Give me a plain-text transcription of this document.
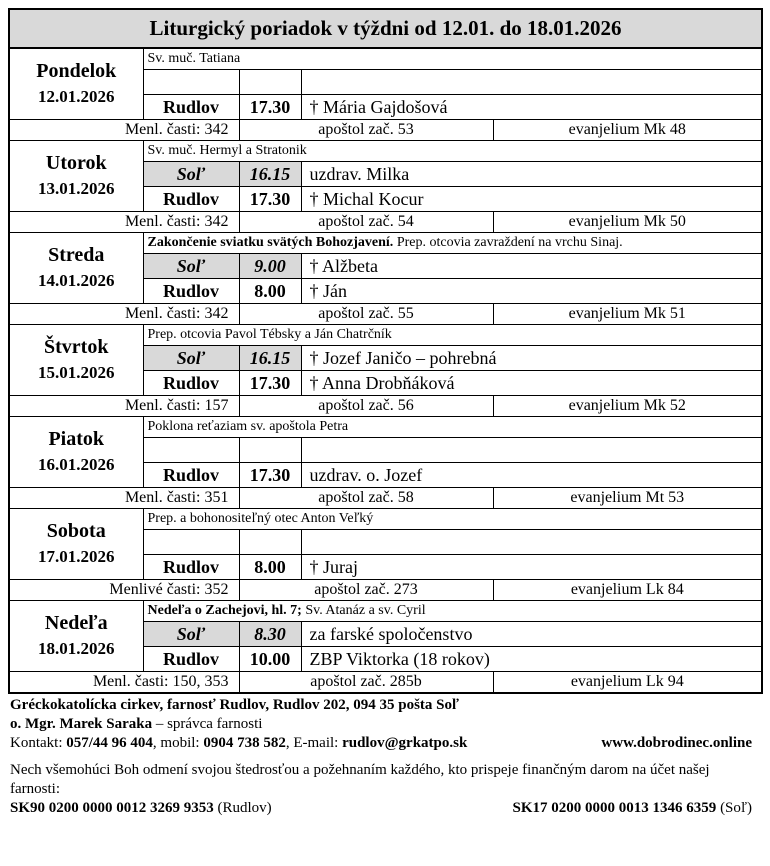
Liturgický poriadok v týždni od 12.01. do 18.01.2026				
Pondelok
12.01.2026	Sv. muč. Tatiana			

	Rudlov	17.30	† Mária Gajdošová	
Menl. časti: 342		apoštol zač. 53		evanjelium Mk 48
Utorok
13.01.2026	Sv. muč. Hermyl a Stratonik			
	Soľ	16.15	uzdrav. Milka	
	Rudlov	17.30	† Michal Kocur	
Menl. časti: 342		apoštol zač. 54		evanjelium Mk 50
Streda
14.01.2026	Zakončenie sviatku svätých Bohozjavení. Prep. otcovia zavraždení na vrchu Sinaj.			
	Soľ	9.00	† Alžbeta	
	Rudlov	8.00	† Ján	
Menl. časti: 342		apoštol zač. 55		evanjelium Mk 51
Štvrtok
15.01.2026	Prep. otcovia Pavol Tébsky a Ján Chatrčník			
	Soľ	16.15	† Jozef Janičo – pohrebná	
	Rudlov	17.30	† Anna Drobňáková	
Menl. časti: 157		apoštol zač. 56		evanjelium Mk 52
Piatok
16.01.2026	Poklona reťaziam sv. apoštola Petra			

	Rudlov	17.30	uzdrav. o. Jozef	
Menl. časti: 351		apoštol zač. 58		evanjelium Mt 53
Sobota
17.01.2026	Prep. a bohonositeľný otec Anton Veľký			

	Rudlov	8.00	† Juraj	
Menlivé časti: 352		apoštol zač. 273		evanjelium Lk 84
Nedeľa
18.01.2026	Nedeľa o Zachejovi, hl. 7; Sv. Atanáz a sv. Cyril			
	Soľ	8.30	za farské spoločenstvo	
	Rudlov	10.00	ZBP Viktorka (18 rokov)	
Menl. časti: 150, 353		apoštol zač. 285b		evanjelium Lk 94
Gréckokatolícka cirkev, farnosť Rudlov, Rudlov 202, 094 35 pošta Soľ
o. Mgr. Marek Saraka – správca farnosti
Kontakt: 057/44 96 404, mobil: 0904 738 582, E-mail: rudlov@grkatpo.sk	www.dobrodinec.online
Nech všemohúci Boh odmení svojou štedrosťou a požehnaním každého, kto prispeje finančným darom na účet našej farnosti:
SK90 0200 0000 0012 3269 9353 (Rudlov)	SK17 0200 0000 0013 1346 6359 (Soľ)
